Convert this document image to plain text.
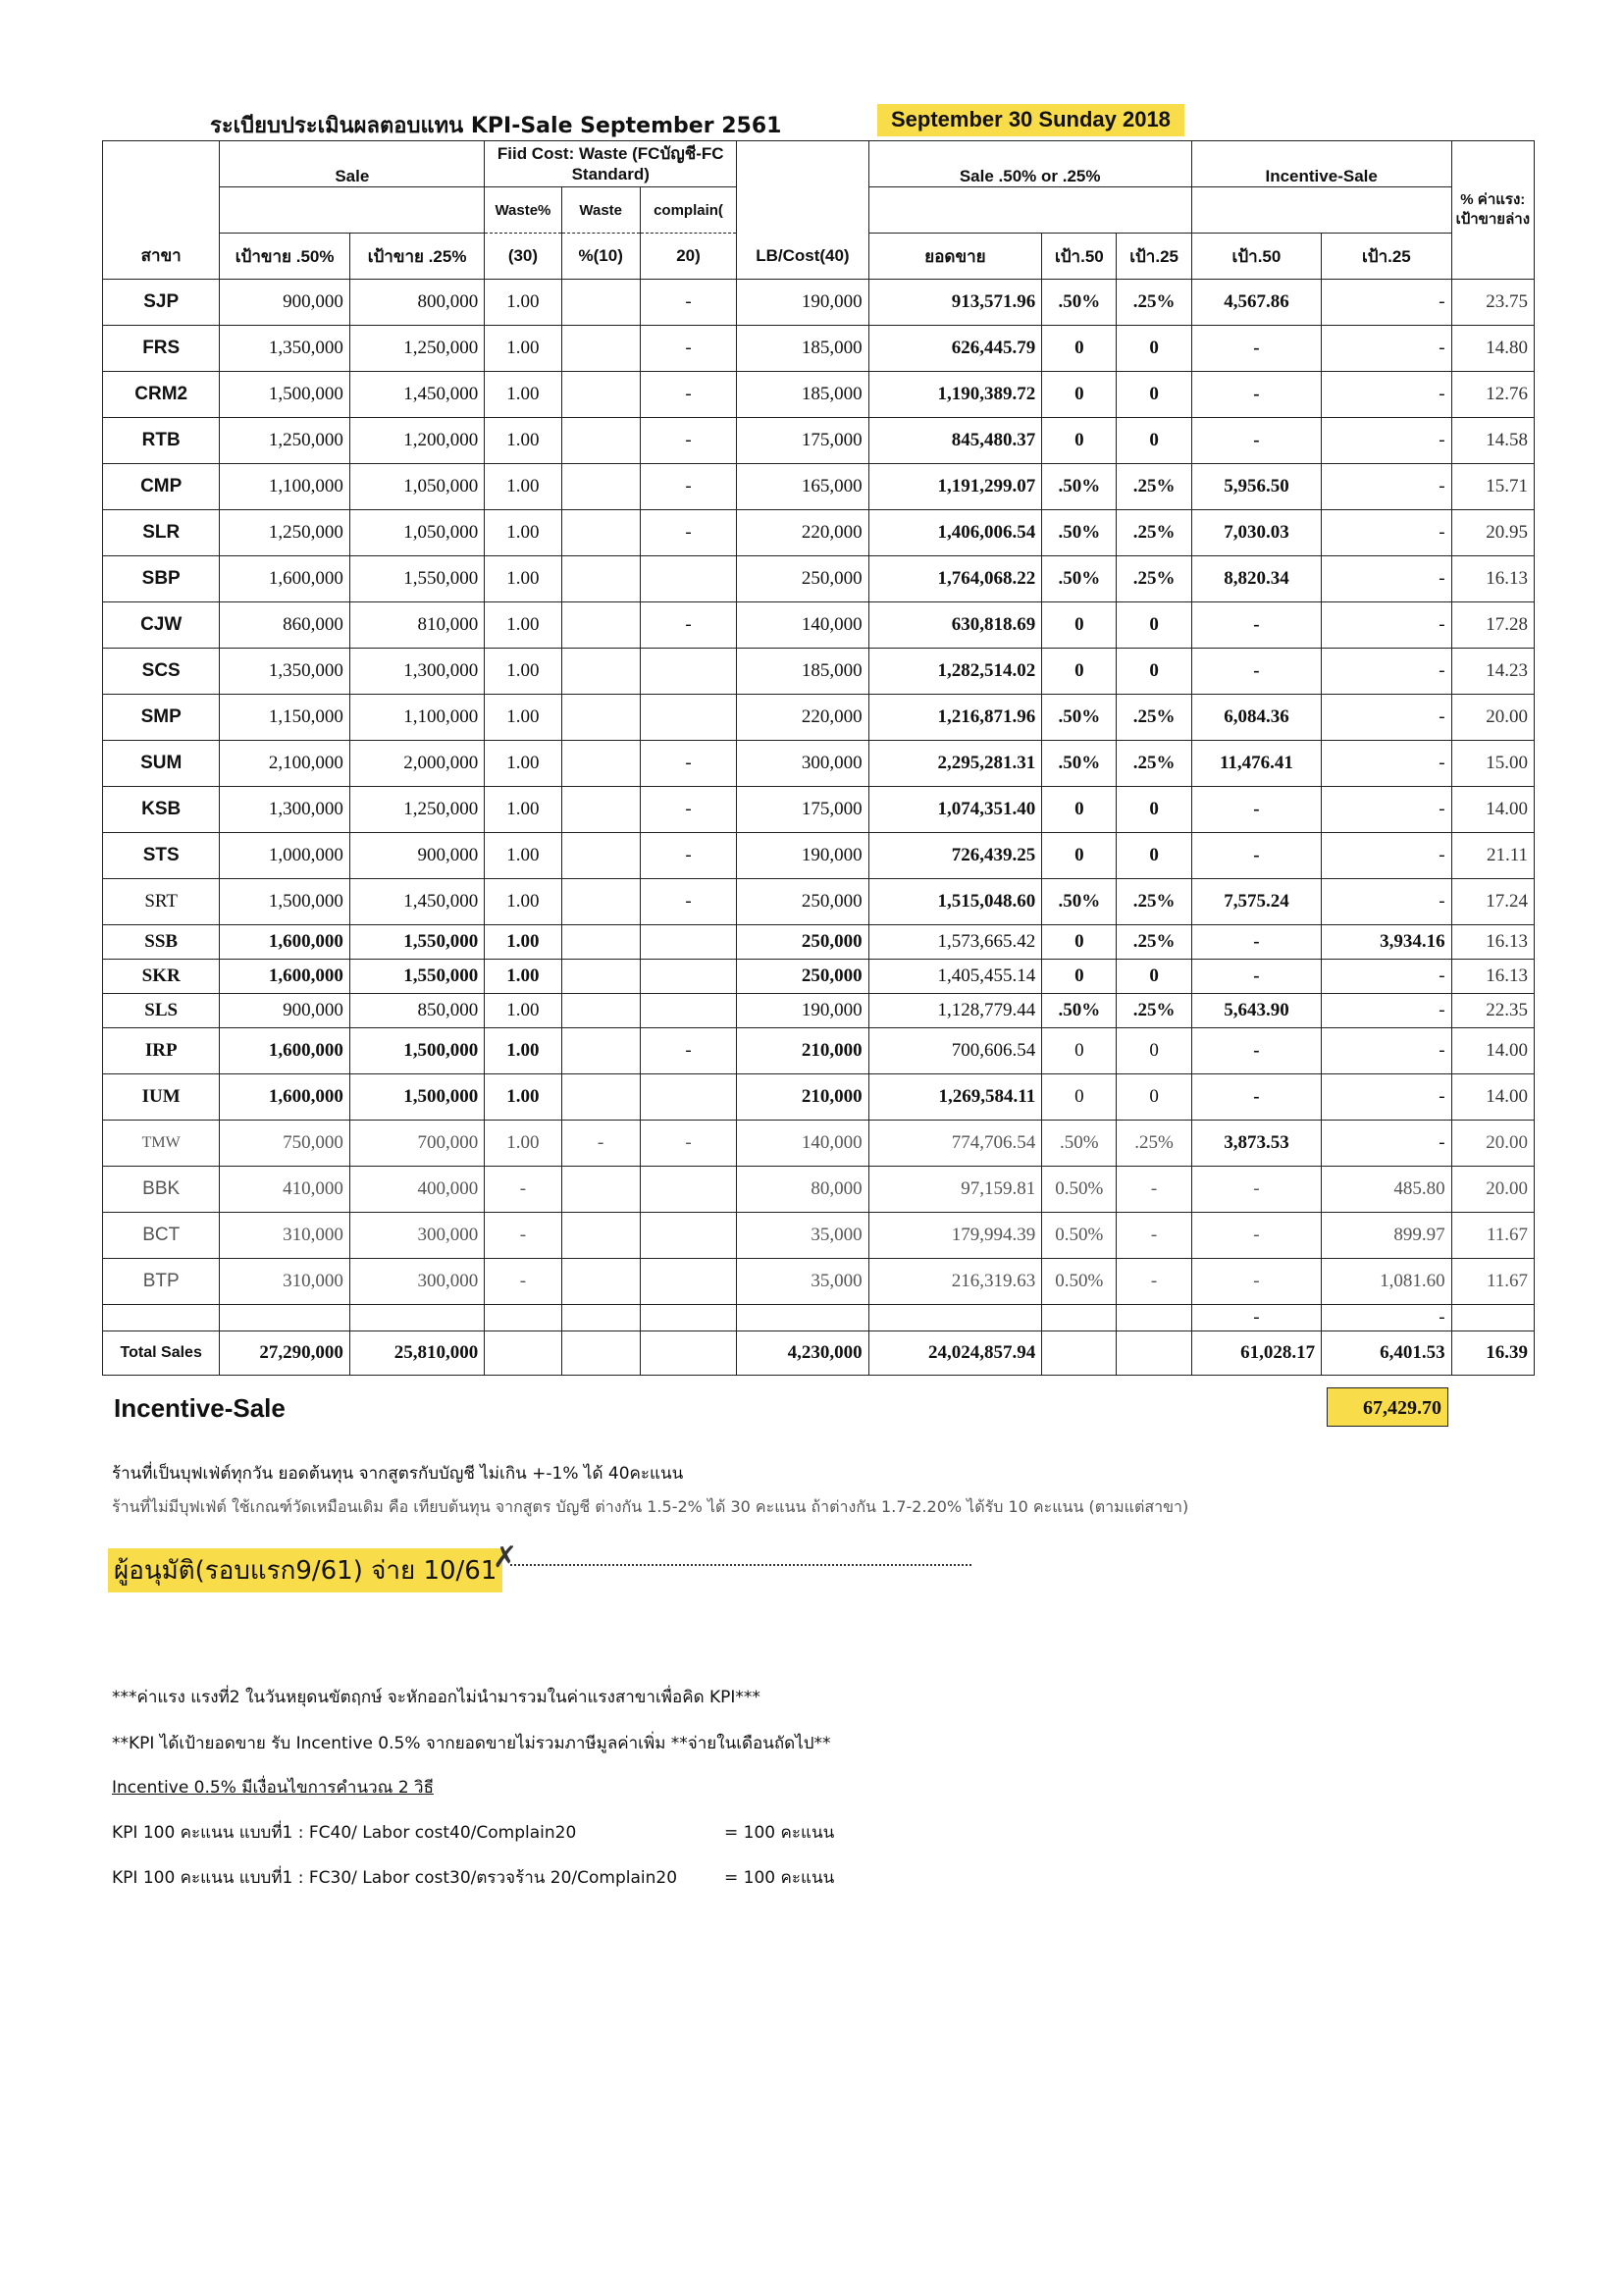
ระเบียบประเมินผลตอบแทน KPI-Sale September 2561	September 30 Sunday 2018
	Sale		Fiid Cost: Waste (FCบัญชี-FC Standard)				Sale .50% or .25%			Incentive-Sale		% ค่าแรง: เป้าขายล่าง
			Waste%	Waste	complain(							
สาขา	เป้าขาย .50%	เป้าขาย .25%	(30)	%(10)	20)	LB/Cost(40)	ยอดขาย	เป้า.50	เป้า.25	เป้า.50	เป้า.25	
SJP	900,000	800,000	1.00		-	190,000	913,571.96	.50%	.25%	4,567.86	-	23.75
FRS	1,350,000	1,250,000	1.00		-	185,000	626,445.79	0	0	-	-	14.80
CRM2	1,500,000	1,450,000	1.00		-	185,000	1,190,389.72	0	0	-	-	12.76
RTB	1,250,000	1,200,000	1.00		-	175,000	845,480.37	0	0	-	-	14.58
CMP	1,100,000	1,050,000	1.00		-	165,000	1,191,299.07	.50%	.25%	5,956.50	-	15.71
SLR	1,250,000	1,050,000	1.00		-	220,000	1,406,006.54	.50%	.25%	7,030.03	-	20.95
SBP	1,600,000	1,550,000	1.00			250,000	1,764,068.22	.50%	.25%	8,820.34	-	16.13
CJW	860,000	810,000	1.00		-	140,000	630,818.69	0	0	-	-	17.28
SCS	1,350,000	1,300,000	1.00			185,000	1,282,514.02	0	0	-	-	14.23
SMP	1,150,000	1,100,000	1.00			220,000	1,216,871.96	.50%	.25%	6,084.36	-	20.00
SUM	2,100,000	2,000,000	1.00		-	300,000	2,295,281.31	.50%	.25%	11,476.41	-	15.00
KSB	1,300,000	1,250,000	1.00		-	175,000	1,074,351.40	0	0	-	-	14.00
STS	1,000,000	900,000	1.00		-	190,000	726,439.25	0	0	-	-	21.11
SRT	1,500,000	1,450,000	1.00		-	250,000	1,515,048.60	.50%	.25%	7,575.24	-	17.24
SSB	1,600,000	1,550,000	1.00			250,000	1,573,665.42	0	.25%	-	3,934.16	16.13
SKR	1,600,000	1,550,000	1.00			250,000	1,405,455.14	0	0	-	-	16.13
SLS	900,000	850,000	1.00			190,000	1,128,779.44	.50%	.25%	5,643.90	-	22.35
IRP	1,600,000	1,500,000	1.00		-	210,000	700,606.54	0	0	-	-	14.00
IUM	1,600,000	1,500,000	1.00			210,000	1,269,584.11	0	0	-	-	14.00
TMW	750,000	700,000	1.00	-	-	140,000	774,706.54	.50%	.25%	3,873.53	-	20.00
BBK	410,000	400,000	-			80,000	97,159.81	0.50%	-	-	485.80	20.00
BCT	310,000	300,000	-			35,000	179,994.39	0.50%	-	-	899.97	11.67
BTP	310,000	300,000	-			35,000	216,319.63	0.50%	-	-	1,081.60	11.67
										-	-	
Total Sales	27,290,000	25,810,000				4,230,000	24,024,857.94			61,028.17	6,401.53	16.39
Incentive-Sale	67,429.70
ร้านที่เป็นบุฟเฟ่ต์ทุกวัน ยอดต้นทุน จากสูตรกับบัญชี ไม่เกิน +-1% ได้ 40คะแนน
ร้านที่ไม่มีบุฟเฟ่ต์ ใช้เกณฑ์วัดเหมือนเดิม คือ เทียบต้นทุน จากสูตร บัญชี ต่างกัน 1.5-2% ได้ 30 คะแนน ถ้าต่างกัน 1.7-2.20% ได้รับ 10 คะแนน (ตามแต่สาขา)
ผู้อนุมัติ(รอบแรก9/61) จ่าย 10/61
✗
***ค่าแรง แรงที่2 ในวันหยุดนขัตฤกษ์ จะหักออกไม่นำมารวมในค่าแรงสาขาเพื่อคิด KPI***
**KPI ได้เป้ายอดขาย รับ Incentive 0.5% จากยอดขายไม่รวมภาษีมูลค่าเพิ่ม **จ่ายในเดือนถัดไป**
Incentive 0.5% มีเงื่อนไขการคำนวณ 2 วิธี
KPI 100 คะแนน แบบที่1 : FC40/ Labor cost40/Complain20	= 100 คะแนน
KPI 100 คะแนน แบบที่1 : FC30/ Labor cost30/ตรวจร้าน 20/Complain20	= 100 คะแนน
